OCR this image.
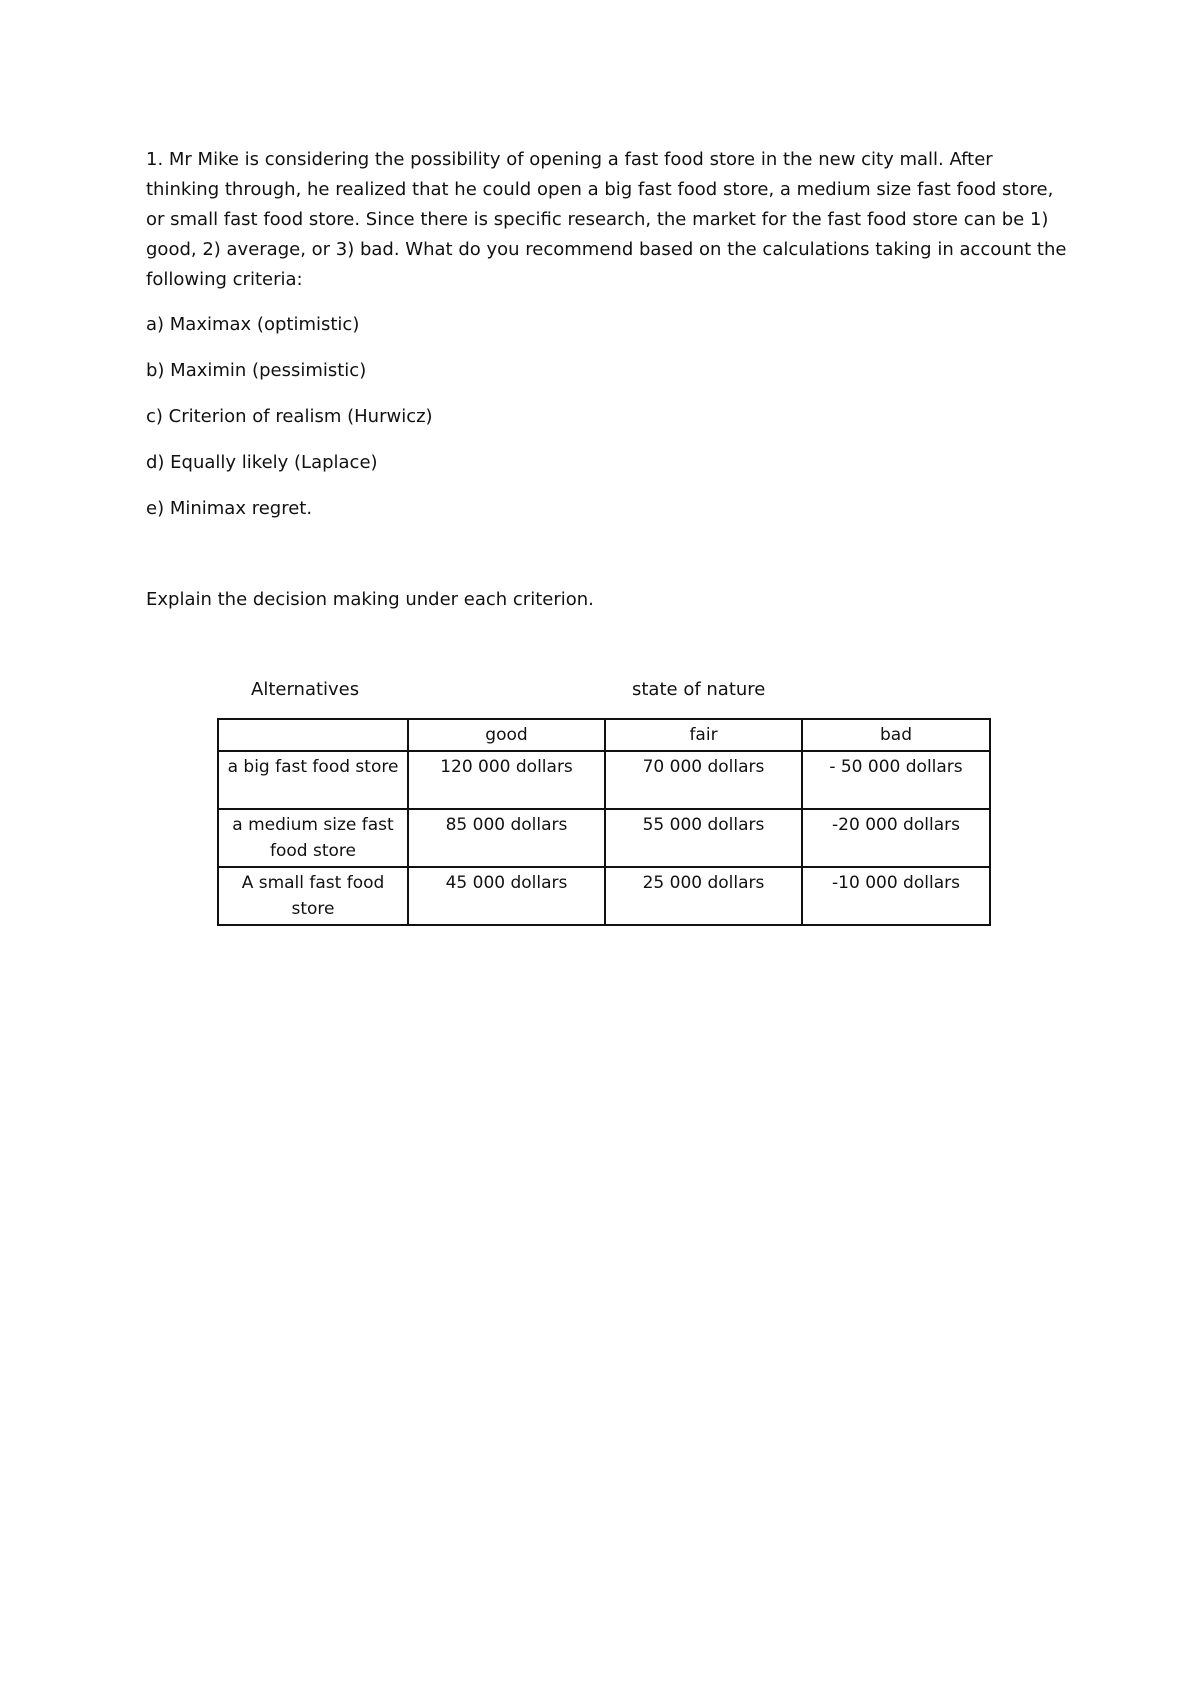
1. Mr Mike is considering the possibility of opening a fast food store in the new city mall. After
thinking through, he realized that he could open a big fast food store, a medium size fast food store,
or small fast food store. Since there is specific research, the market for the fast food store can be 1)
good, 2) average, or 3) bad. What do you recommend based on the calculations taking in account the
following criteria:
a) Maximax (optimistic)
b) Maximin (pessimistic)
c) Criterion of realism (Hurwicz)
d) Equally likely (Laplace)
e) Minimax regret.
Explain the decision making under each criterion.
Alternatives	state of nature
	good	fair	bad
a big fast food store	120 000 dollars	70 000 dollars	- 50 000 dollars
a medium size fast food store	85 000 dollars	55 000 dollars	-20 000 dollars
A small fast food store	45 000 dollars	25 000 dollars	-10 000 dollars
